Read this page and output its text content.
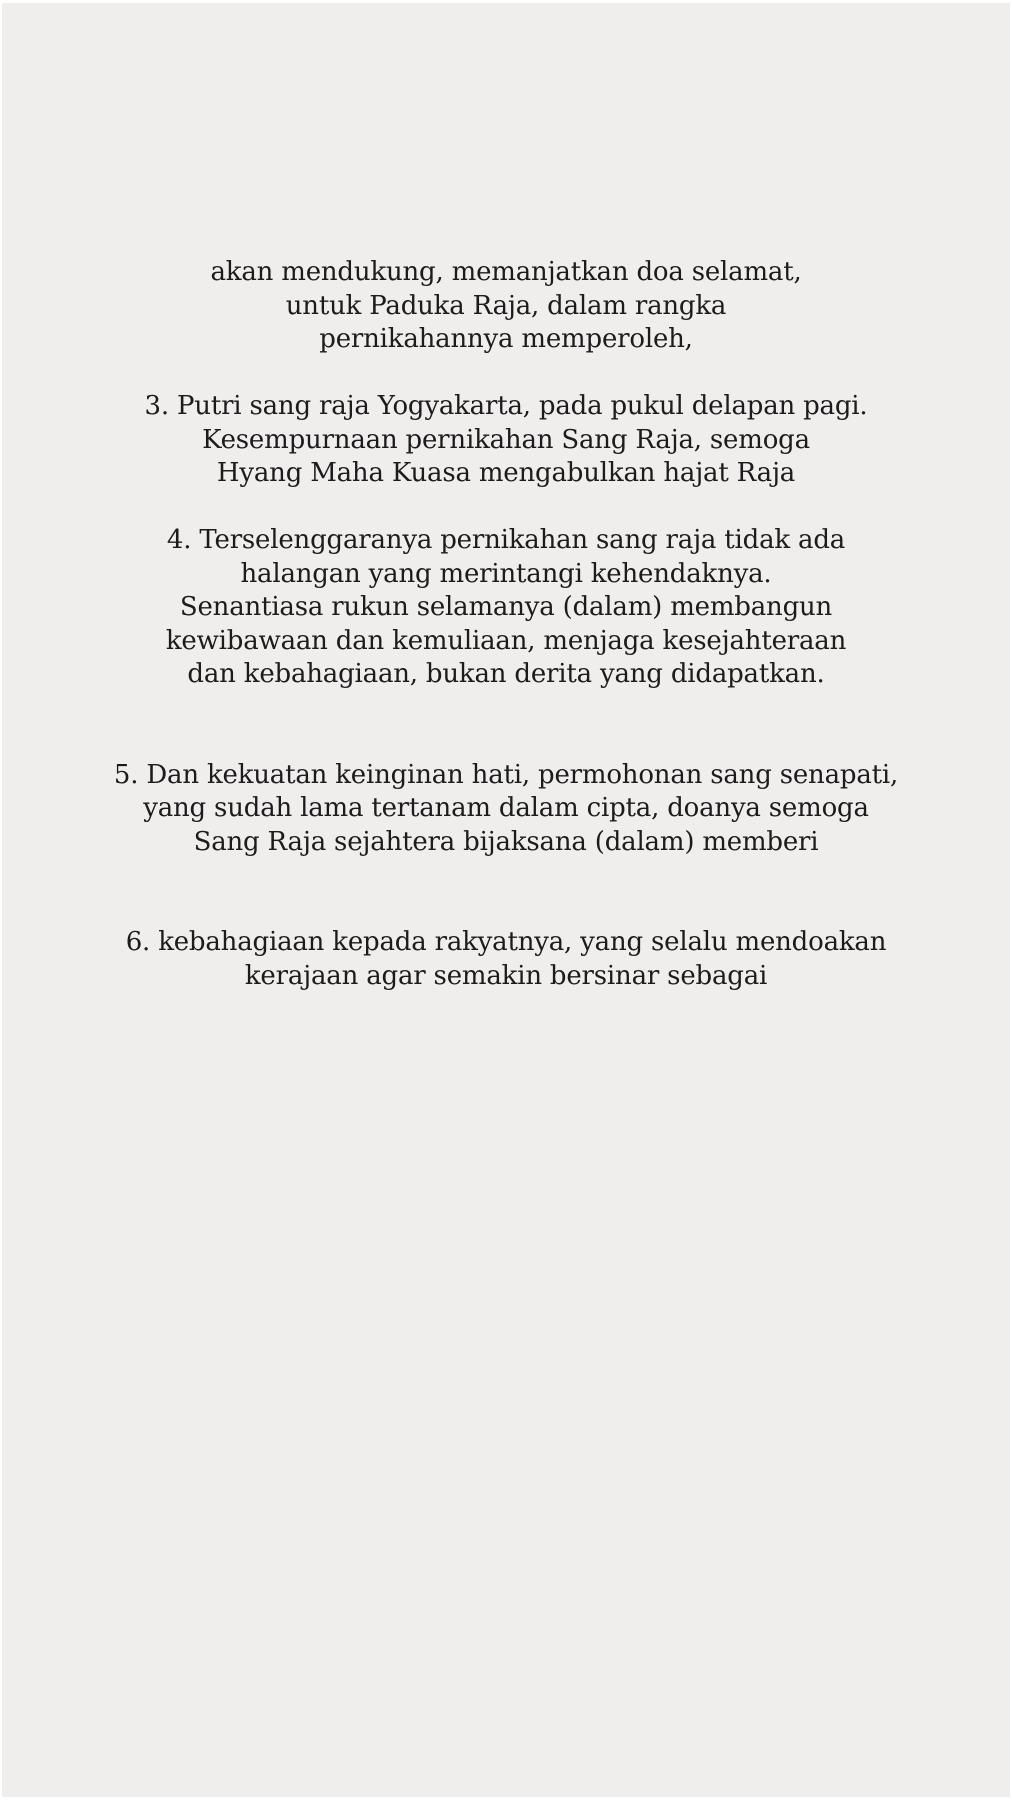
akan mendukung, memanjatkan doa selamat,
untuk Paduka Raja, dalam rangka
pernikahannya memperoleh,
3. Putri sang raja Yogyakarta, pada pukul delapan pagi.
Kesempurnaan pernikahan Sang Raja, semoga
Hyang Maha Kuasa mengabulkan hajat Raja
4. Terselenggaranya pernikahan sang raja tidak ada
halangan yang merintangi kehendaknya.
Senantiasa rukun selamanya (dalam) membangun
kewibawaan dan kemuliaan, menjaga kesejahteraan
dan kebahagiaan, bukan derita yang didapatkan.
5. Dan kekuatan keinginan hati, permohonan sang senapati,
yang sudah lama tertanam dalam cipta, doanya semoga
Sang Raja sejahtera bijaksana (dalam) memberi
6. kebahagiaan kepada rakyatnya, yang selalu mendoakan
kerajaan agar semakin bersinar sebagai
